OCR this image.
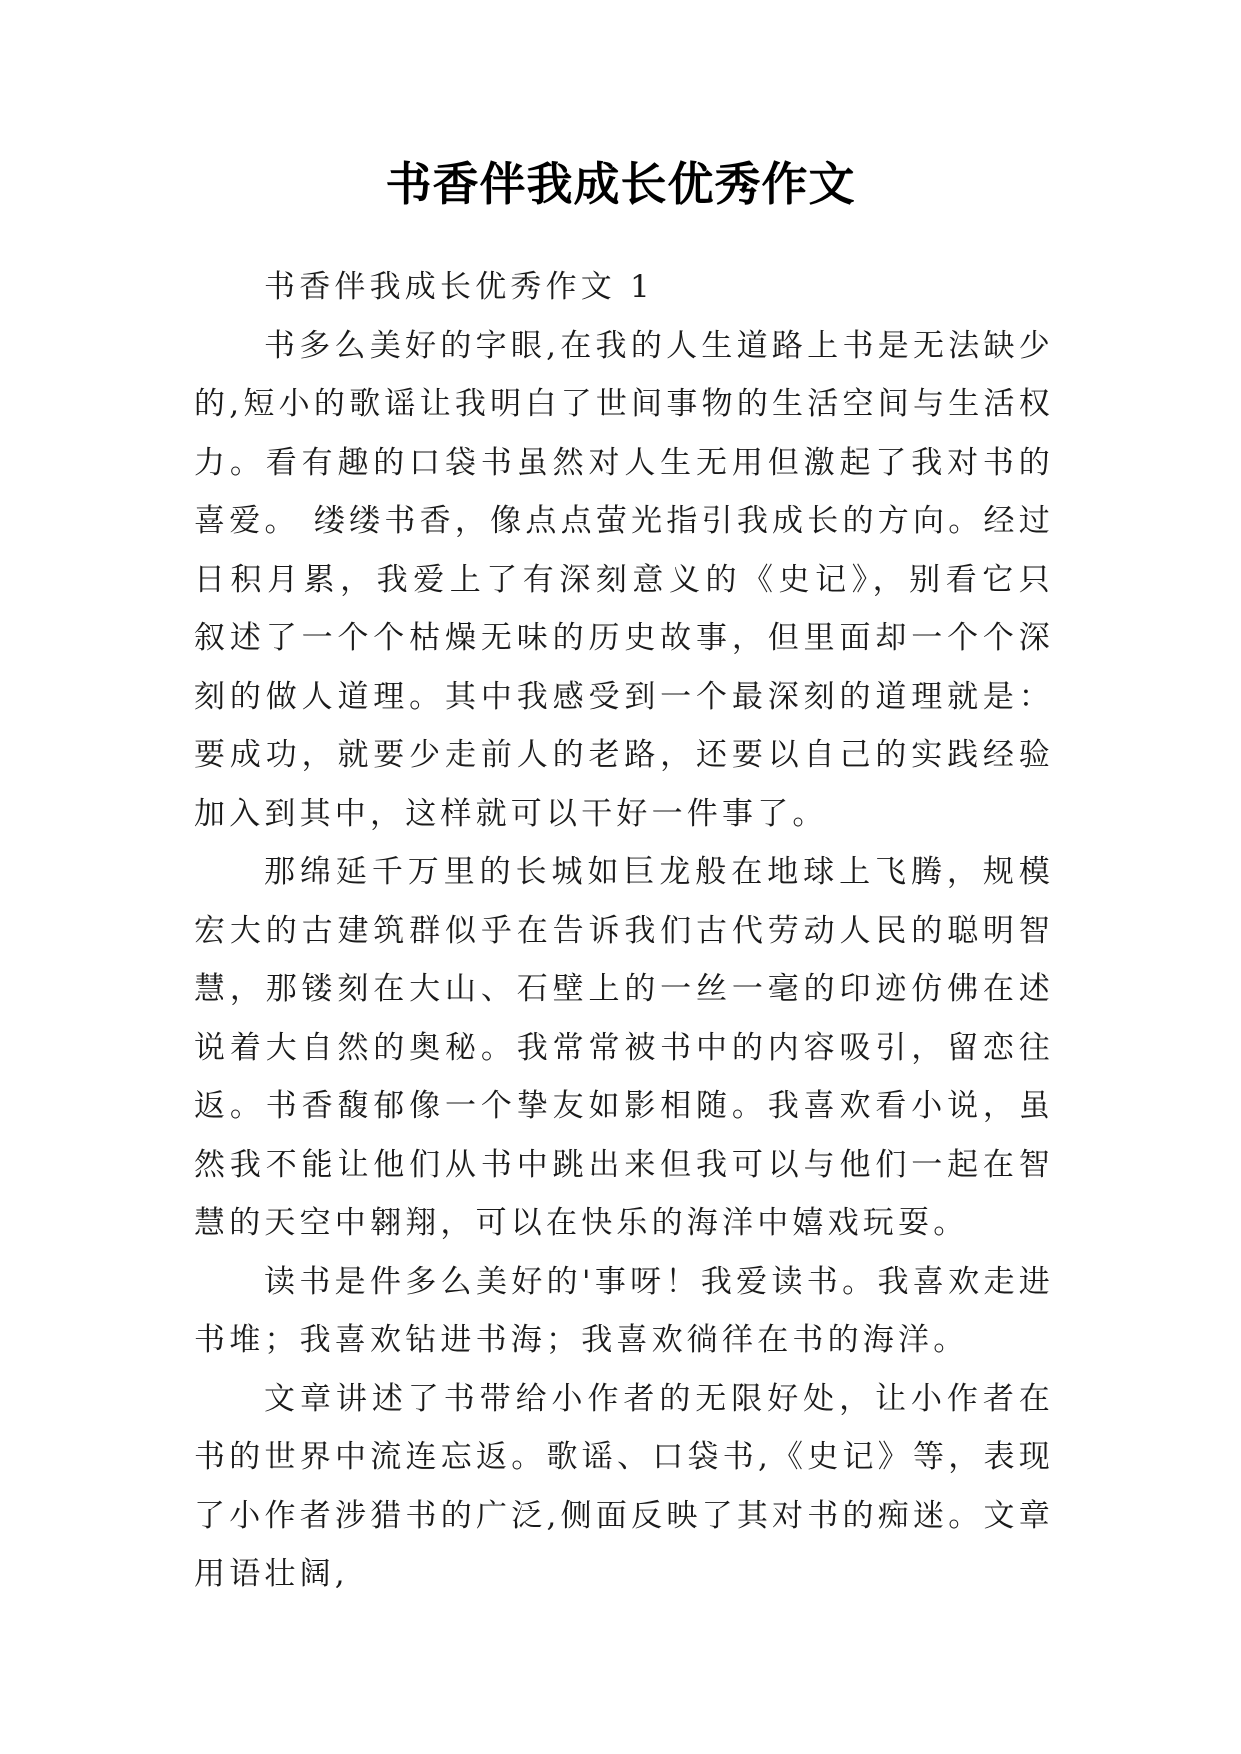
书香伴我成长优秀作文

书香伴我成长优秀作文 1

书多么美好的字眼,在我的人生道路上书是无法缺少的,短小的歌谣让我明白了世间事物的生活空间与生活权力。看有趣的口袋书虽然对人生无用但激起了我对书的喜爱。 缕缕书香，像点点萤光指引我成长的方向。经过日积月累，我爱上了有深刻意义的《史记》，别看它只叙述了一个个枯燥无味的历史故事，但里面却一个个深刻的做人道理。其中我感受到一个最深刻的道理就是：要成功，就要少走前人的老路，还要以自己的实践经验加入到其中，这样就可以干好一件事了。

那绵延千万里的长城如巨龙般在地球上飞腾，规模宏大的古建筑群似乎在告诉我们古代劳动人民的聪明智慧，那镂刻在大山、石壁上的一丝一毫的印迹仿佛在述说着大自然的奥秘。我常常被书中的内容吸引，留恋往返。书香馥郁像一个挚友如影相随。我喜欢看小说，虽然我不能让他们从书中跳出来但我可以与他们一起在智慧的天空中翱翔，可以在快乐的海洋中嬉戏玩耍。

读书是件多么美好的'事呀！我爱读书。我喜欢走进书堆；我喜欢钻进书海；我喜欢徜徉在书的海洋。

文章讲述了书带给小作者的无限好处，让小作者在书的世界中流连忘返。歌谣、口袋书,《史记》等，表现了小作者涉猎书的广泛,侧面反映了其对书的痴迷。文章用语壮阔,
